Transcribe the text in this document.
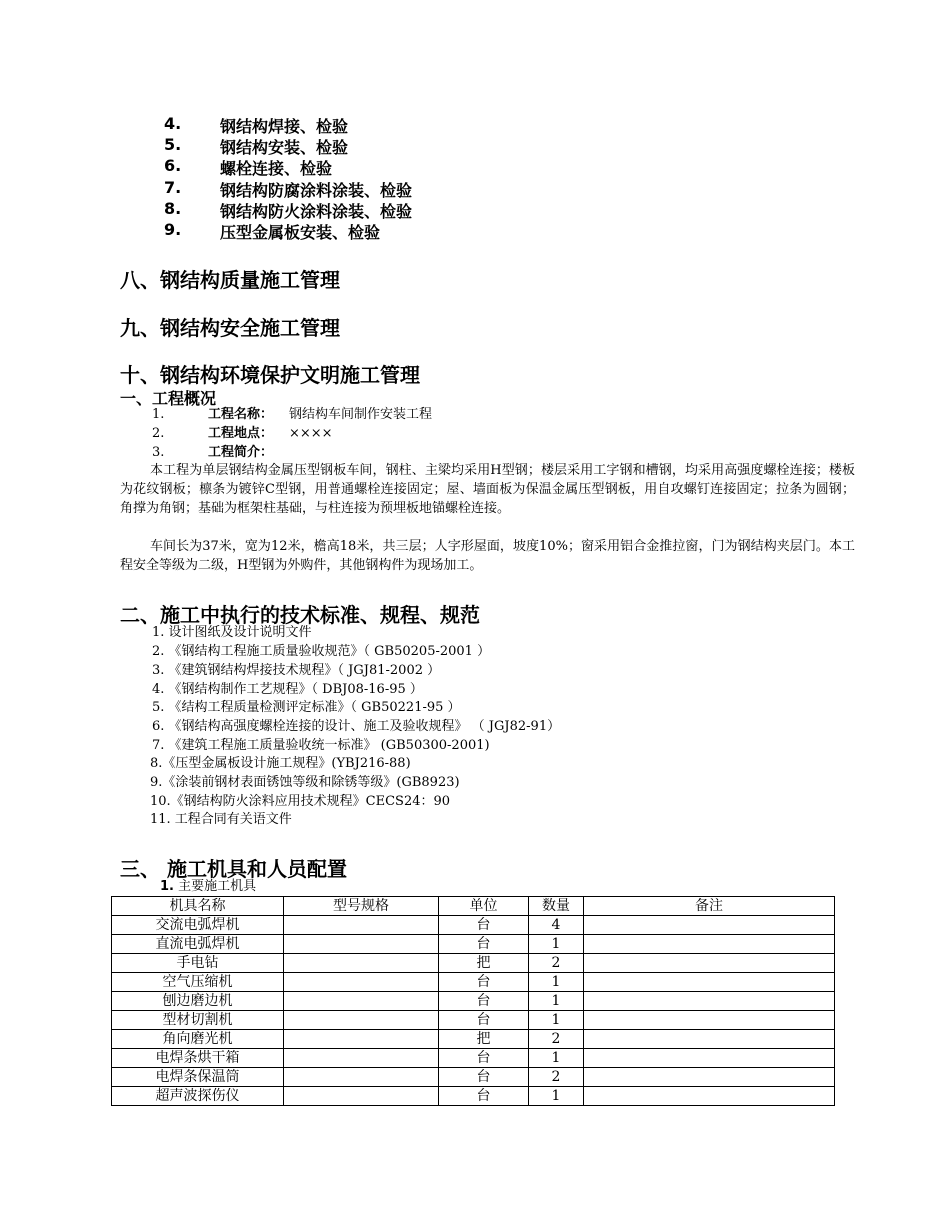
4. 钢结构焊接、检验
5. 钢结构安装、检验
6. 螺栓连接、检验
7. 钢结构防腐涂料涂装、检验
8. 钢结构防火涂料涂装、检验
9. 压型金属板安装、检验
八、钢结构质量施工管理
九、钢结构安全施工管理
十、钢结构环境保护文明施工管理
一、工程概况
1.	工程名称： 钢结构车间制作安装工程
2.	工程地点： ××××
3.	工程简介：
本工程为单层钢结构金属压型钢板车间，钢柱、主梁均采用H型钢；楼层采用工字钢和槽钢，均采用高强度螺栓连接；楼板为花纹钢板；檩条为镀锌C型钢，用普通螺栓连接固定；屋、墙面板为保温金属压型钢板，用自攻螺钉连接固定；拉条为圆钢；角撑为角钢；基础为框架柱基础，与柱连接为预埋板地锚螺栓连接。
车间长为37米，宽为12米，檐高18米，共三层；人字形屋面，坡度10%；窗采用铝合金推拉窗，门为钢结构夹层门。本工程安全等级为二级，H型钢为外购件，其他钢构件为现场加工。
二、施工中执行的技术标准、规程、规范
1. 设计图纸及设计说明文件
2. 《钢结构工程施工质量验收规范》（ GB50205-2001 ）
3. 《建筑钢结构焊接技术规程》（ JGJ81-2002 ）
4. 《钢结构制作工艺规程》（ DBJ08-16-95 ）
5. 《结构工程质量检测评定标准》（ GB50221-95 ）
6. 《钢结构高强度螺栓连接的设计、施工及验收规程》 （ JGJ82-91）
7. 《建筑工程施工质量验收统一标准》 (GB50300-2001)
8.《压型金属板设计施工规程》(YBJ216-88)
9.《涂装前钢材表面锈蚀等级和除锈等级》(GB8923)
10.《钢结构防火涂料应用技术规程》CECS24：90
11. 工程合同有关语文件
三、 施工机具和人员配置
1. 主要施工机具
机具名称	型号规格	单位	数量	备注
交流电弧焊机		台	4	
直流电弧焊机		台	1	
手电钻		把	2	
空气压缩机		台	1	
刨边磨边机		台	1	
型材切割机		台	1	
角向磨光机		把	2	
电焊条烘干箱		台	1	
电焊条保温筒		台	2	
超声波探伤仪		台	1	
